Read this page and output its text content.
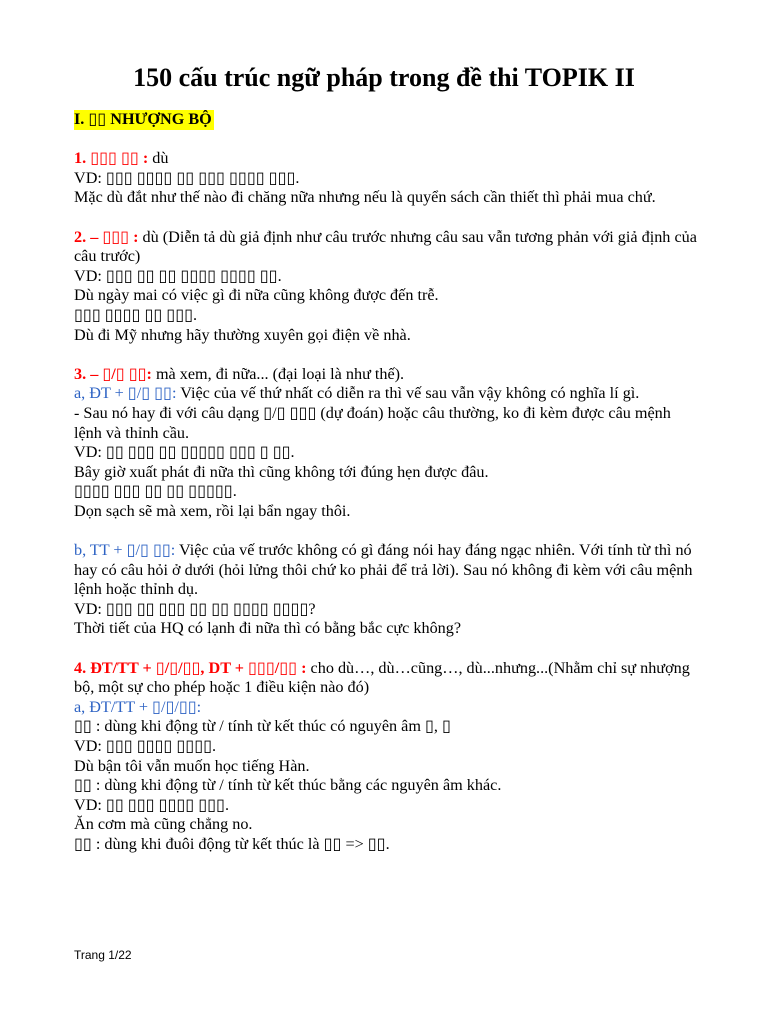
150 cấu trúc ngữ pháp trong đề thi TOPIK II

I. ▯▯ NHƯỢNG BỘ

1. ▯▯▯ ▯▯ : dù

VD: ▯▯▯ ▯▯▯▯ ▯▯ ▯▯▯ ▯▯▯▯ ▯▯▯.

Mặc dù đắt như thế nào đi chăng nữa nhưng nếu là quyển sách cần thiết thì phải mua chứ.

2. – ▯▯▯ : dù (Diễn tả dù giả định như câu trước nhưng câu sau vẫn tương phản với giả định của câu trước)

VD: ▯▯▯ ▯▯ ▯▯ ▯▯▯▯ ▯▯▯▯ ▯▯.

Dù ngày mai có việc gì đi nữa cũng không được đến trễ.

▯▯▯ ▯▯▯▯ ▯▯ ▯▯▯.

Dù đi Mỹ nhưng hãy thường xuyên gọi điện về nhà.

3. – ▯/▯ ▯▯: mà xem, đi nữa... (đại loại là như thế).

a, ĐT + ▯/▯ ▯▯: Việc của vế thứ nhất có diễn ra thì vế sau vẫn vậy không có nghĩa lí gì.

- Sau nó hay đi với câu dạng ▯/▯ ▯▯▯ (dự đoán) hoặc câu thường, ko đi kèm được câu mệnh lệnh và thỉnh cầu.

VD: ▯▯ ▯▯▯ ▯▯ ▯▯▯▯▯ ▯▯▯ ▯ ▯▯.

Bây giờ xuất phát đi nữa thì cũng không tới đúng hẹn được đâu.

▯▯▯▯ ▯▯▯ ▯▯ ▯▯ ▯▯▯▯▯.

Dọn sạch sẽ mà xem, rồi lại bẩn ngay thôi.

b, TT + ▯/▯ ▯▯: Việc của vế trước không có gì đáng nói hay đáng ngạc nhiên. Với tính từ thì nó hay có câu hỏi ở dưới (hỏi lửng thôi chứ ko phải để trả lời). Sau nó không đi kèm với câu mệnh lệnh hoặc thỉnh dụ.

VD: ▯▯▯ ▯▯ ▯▯▯ ▯▯ ▯▯ ▯▯▯▯ ▯▯▯▯?

Thời tiết của HQ có lạnh đi nữa thì có bằng bắc cực không?

4. ĐT/TT + ▯/▯/▯▯, DT + ▯▯▯/▯▯ : cho dù…, dù…cũng…, dù...nhưng...(Nhằm chỉ sự nhượng bộ, một sự cho phép hoặc 1 điều kiện nào đó)

a, ĐT/TT + ▯/▯/▯▯:

▯▯ : dùng khi động từ / tính từ kết thúc có nguyên âm ▯, ▯

VD: ▯▯▯ ▯▯▯▯ ▯▯▯▯.

Dù bận tôi vẫn muốn học tiếng Hàn.

▯▯ : dùng khi động từ / tính từ kết thúc bằng các nguyên âm khác.

VD: ▯▯ ▯▯▯ ▯▯▯▯ ▯▯▯.

Ăn cơm mà cũng chẳng no.

▯▯ : dùng khi đuôi động từ kết thúc là ▯▯ => ▯▯.

Trang 1/22
